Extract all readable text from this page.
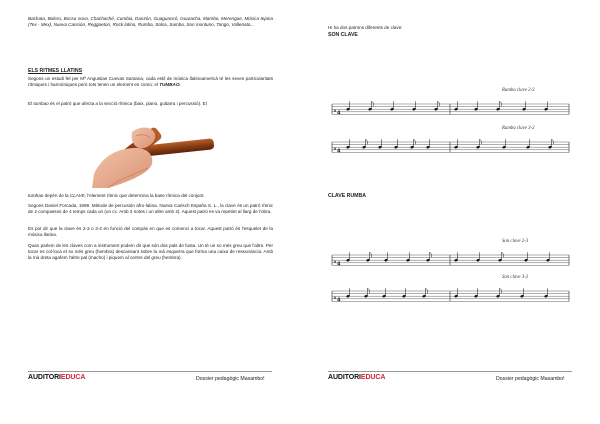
Bachata, Bolero, Bossa nova, Chachaché, Cumbia, Danzón, Guaguancó, Guaracha, Mambo, Merengue, Música tejana (Tex - Mex), Nueva Canción, Reggaeton, Rock latino, Rumba, Salsa, Samba, Son montuno, Tango, Vallenato...
ELS RITMES LLATINS
Segons un estudi fet per Mª Angustias Cuevas Santana, cada estil de música llatinoamericà té les seves particularitats rítmiques i harmòniques però tots tenen un element en comú: el TUMBAO.
El tumbao és el patró que afecta a la secció rítmica (baix, piano, guitarra i percussió). El
tumbao depèn de la CLAVE, l'element rítmic que determina la base rítmica del conjunt.
Segons Daniel Forcada, 1999. Mètode de percusión afro-latina. Nueva Carisch España S. L., la clave és un patró rítmic de 2 compassos de 4 temps cada un (un cc. Amb 3 notes i un altre amb 2). Aquest patró es va repetint al llarg de l'obra.
Es pot dir que la clave és 2-3 o 3-2 en funció del compàs en que es comenci a tocar. Aquest patró és l'esquelet de la música llatina.
Quan parlem de les claves com a instrument podem dir que són dos pals de fusta. Un té un so més greu que l'altre. Per tocar es col·loca el so més greu (hembra) descansant sobre la mà esquerra que forma una caixa de ressonància. Amb la mà dreta agafem l'altre pal (macho) i piquem al centre del greu (hembra).
AUDITORIEDUCA	Dossier pedagògic Masambo!
Hi ha dos patrons diferents de clave:
SON CLAVE
Rumba clave 2-3
𝄥 4
Rumba clave 3-2
𝄥 4
CLAVE RUMBA
Son clave 2-3
𝄥 4
Son clave 3-2
𝄥 4
AUDITORIEDUCA	Dossier pedagògic Masambo!
